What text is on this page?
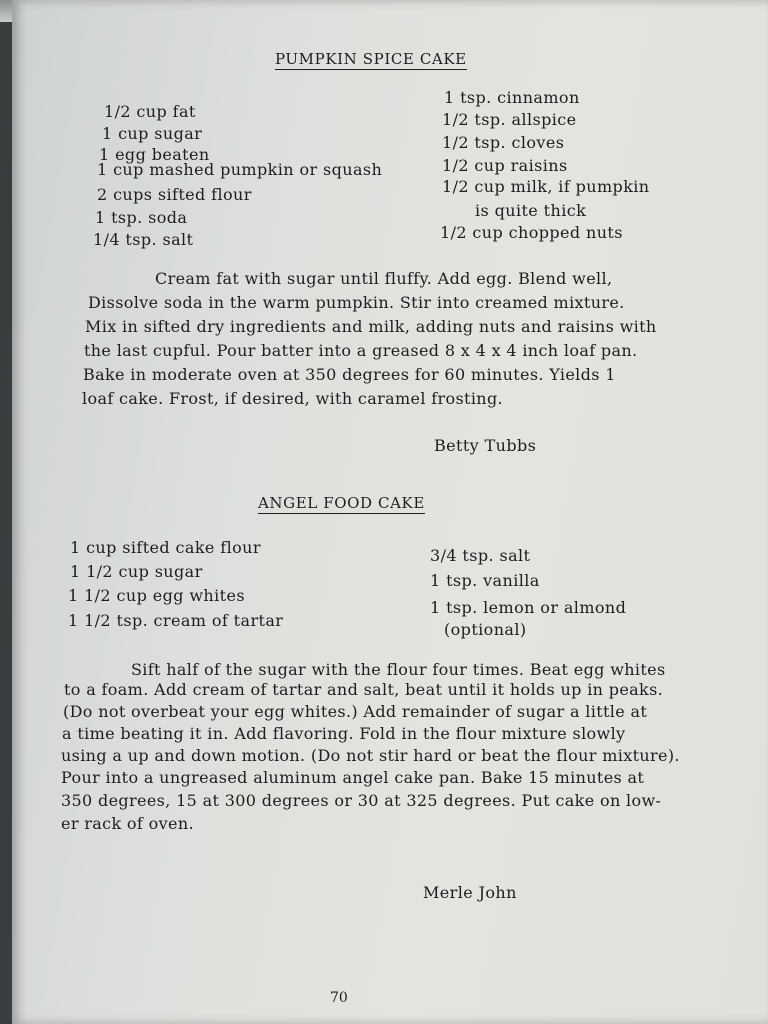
PUMPKIN SPICE CAKE
1/2 cup fat
1 cup sugar
1 egg beaten
1 cup mashed pumpkin or squash
2 cups sifted flour
1 tsp. soda
1/4 tsp. salt
1 tsp. cinnamon
1/2 tsp. allspice
1/2 tsp. cloves
1/2 cup raisins
1/2 cup milk, if pumpkin
is quite thick
1/2 cup chopped nuts
Cream fat with sugar until fluffy. Add egg. Blend well,
Dissolve soda in the warm pumpkin. Stir into creamed mixture.
Mix in sifted dry ingredients and milk, adding nuts and raisins with
the last cupful. Pour batter into a greased 8 x 4 x 4 inch loaf pan.
Bake in moderate oven at 350 degrees for 60 minutes. Yields 1
loaf cake. Frost, if desired, with caramel frosting.
Betty Tubbs
ANGEL FOOD CAKE
1 cup sifted cake flour
1 1/2 cup sugar
1 1/2 cup egg whites
1 1/2 tsp. cream of tartar
3/4 tsp. salt
1 tsp. vanilla
1 tsp. lemon or almond
(optional)
Sift half of the sugar with the flour four times. Beat egg whites
to a foam. Add cream of tartar and salt, beat until it holds up in peaks.
(Do not overbeat your egg whites.) Add remainder of sugar a little at
a time beating it in. Add flavoring. Fold in the flour mixture slowly
using a up and down motion. (Do not stir hard or beat the flour mixture).
Pour into a ungreased aluminum angel cake pan. Bake 15 minutes at
350 degrees, 15 at 300 degrees or 30 at 325 degrees. Put cake on low-
er rack of oven.
Merle John
70
